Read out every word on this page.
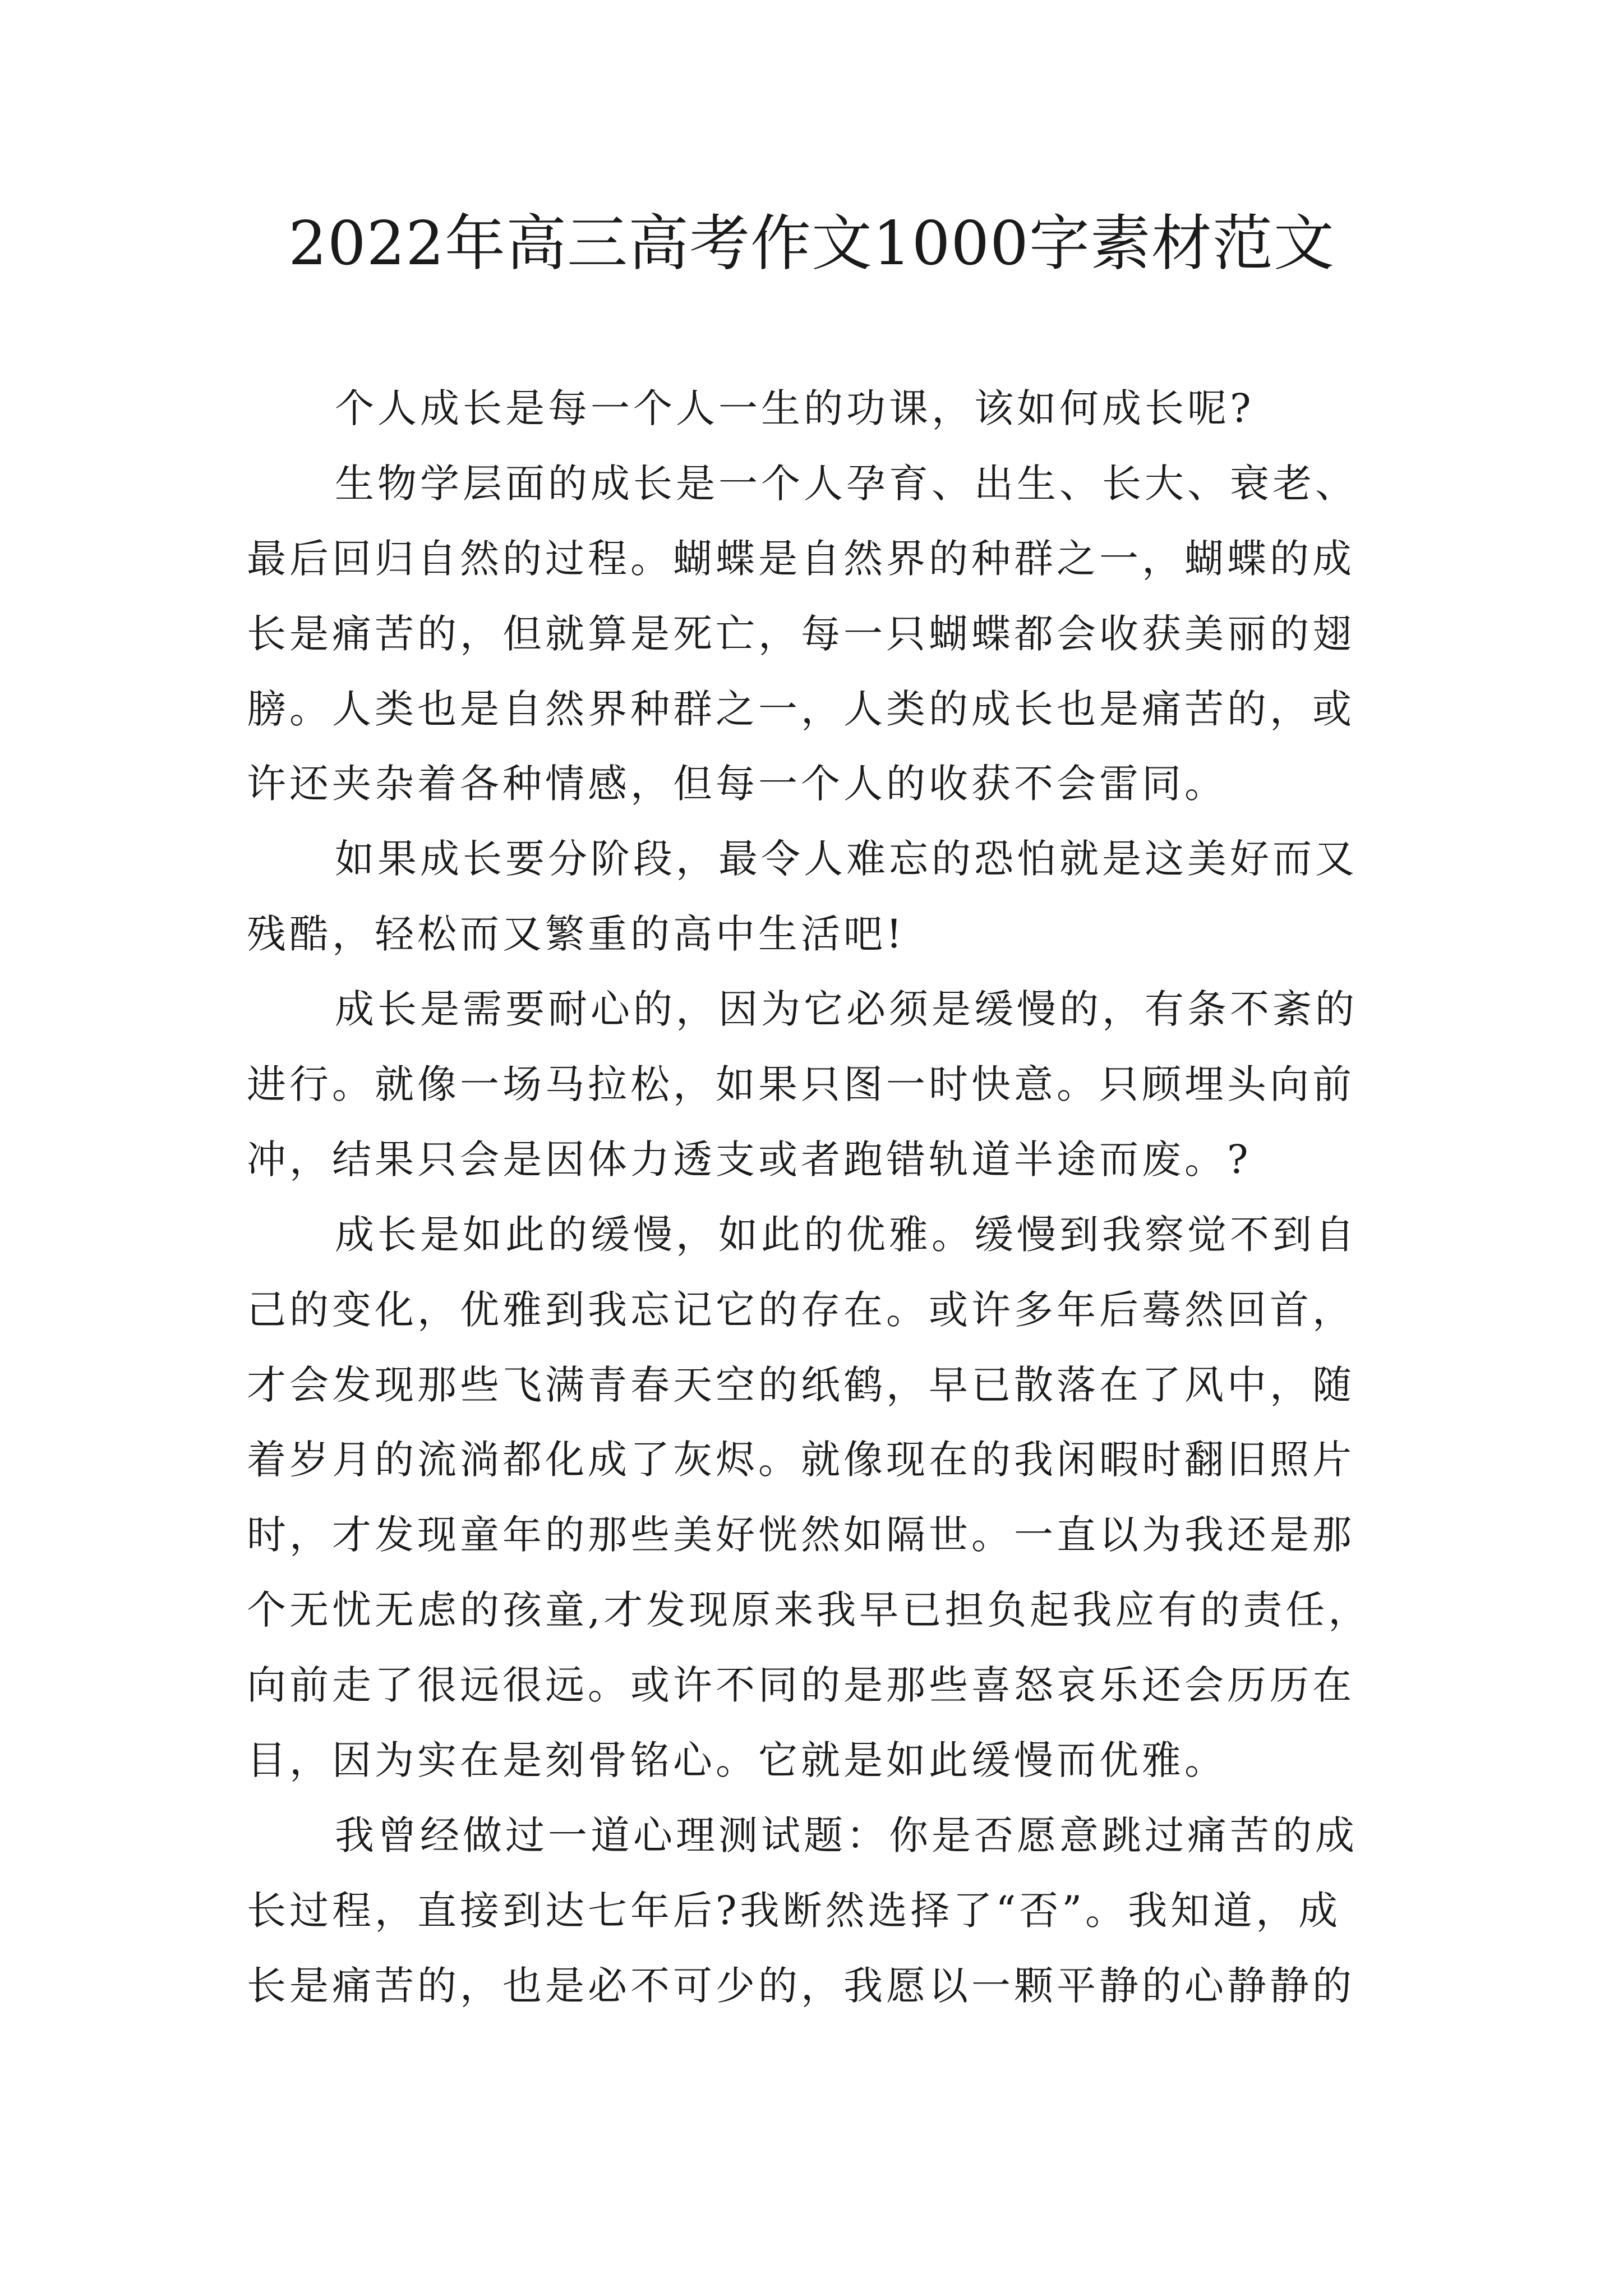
2022年高三高考作文1000字素材范文
个人成长是每一个人一生的功课，该如何成长呢?
生物学层面的成长是一个人孕育、出生、长大、衰老、
最后回归自然的过程。蝴蝶是自然界的种群之一，蝴蝶的成
长是痛苦的，但就算是死亡，每一只蝴蝶都会收获美丽的翅
膀。人类也是自然界种群之一，人类的成长也是痛苦的，或
许还夹杂着各种情感，但每一个人的收获不会雷同。
如果成长要分阶段，最令人难忘的恐怕就是这美好而又
残酷，轻松而又繁重的高中生活吧!
成长是需要耐心的，因为它必须是缓慢的，有条不紊的
进行。就像一场马拉松，如果只图一时快意。只顾埋头向前
冲，结果只会是因体力透支或者跑错轨道半途而废。?
成长是如此的缓慢，如此的优雅。缓慢到我察觉不到自
己的变化，优雅到我忘记它的存在。或许多年后蓦然回首，
才会发现那些飞满青春天空的纸鹤，早已散落在了风中，随
着岁月的流淌都化成了灰烬。就像现在的我闲暇时翻旧照片
时，才发现童年的那些美好恍然如隔世。一直以为我还是那
个无忧无虑的孩童,才发现原来我早已担负起我应有的责任，
向前走了很远很远。或许不同的是那些喜怒哀乐还会历历在
目，因为实在是刻骨铭心。它就是如此缓慢而优雅。
我曾经做过一道心理测试题：你是否愿意跳过痛苦的成
长过程，直接到达七年后?我断然选择了“否”。我知道，成
长是痛苦的，也是必不可少的，我愿以一颗平静的心静静的
